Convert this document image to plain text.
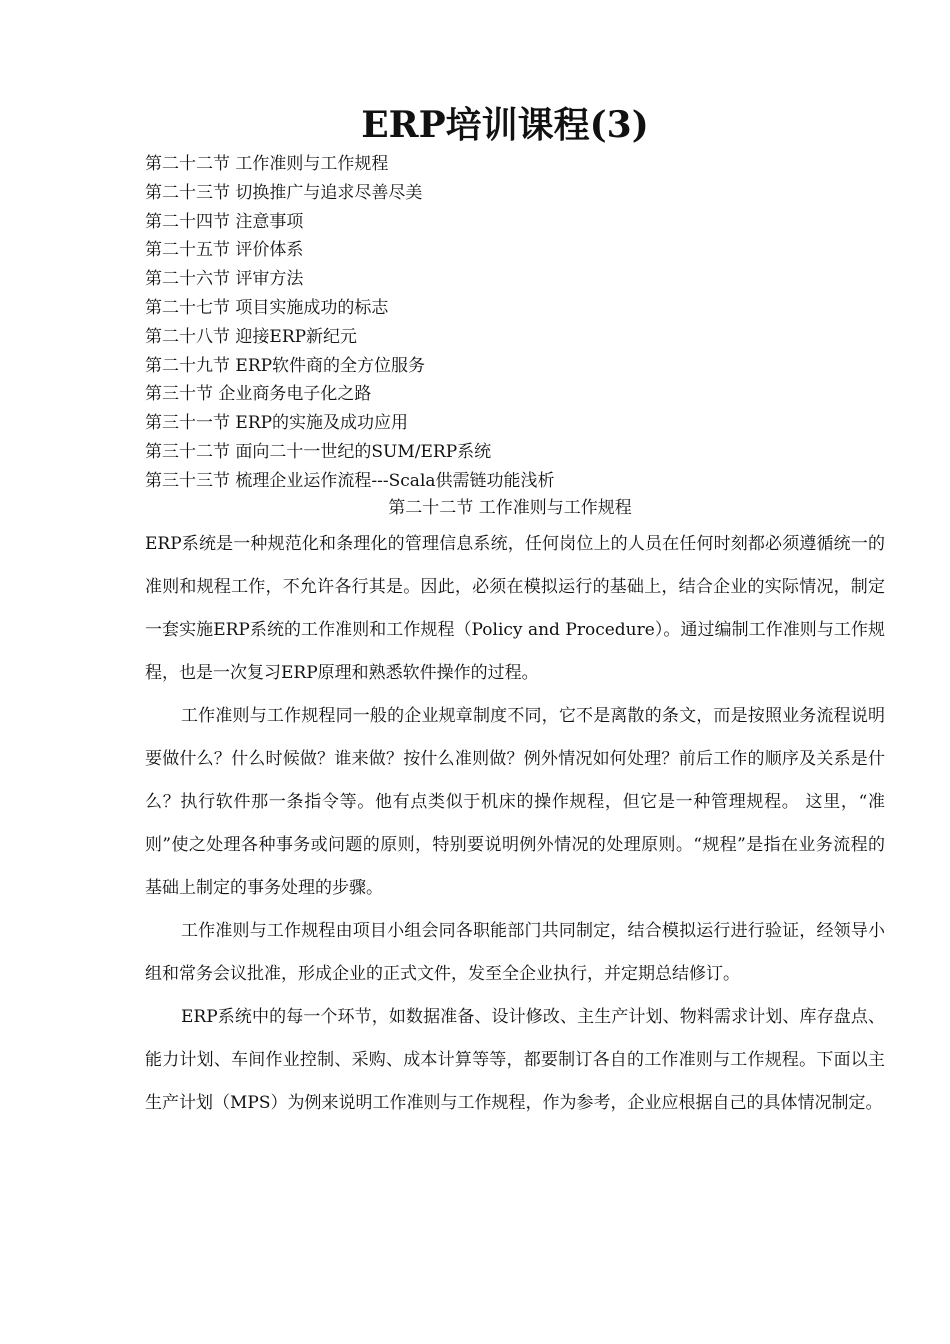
ERP培训课程(3)
第二十二节 工作准则与工作规程
第二十三节 切换推广与追求尽善尽美
第二十四节 注意事项
第二十五节 评价体系
第二十六节 评审方法
第二十七节 项目实施成功的标志
第二十八节 迎接ERP新纪元
第二十九节 ERP软件商的全方位服务
第三十节 企业商务电子化之路
第三十一节 ERP的实施及成功应用
第三十二节 面向二十一世纪的SUM/ERP系统
第三十三节 梳理企业运作流程---Scala供需链功能浅析
第二十二节 工作准则与工作规程

ERP系统是一种规范化和条理化的管理信息系统，任何岗位上的人员在任何时刻都必须遵循统一的准则和规程工作，不允许各行其是。因此，必须在模拟运行的基础上，结合企业的实际情况，制定一套实施ERP系统的工作准则和工作规程（Policy and Procedure）。通过编制工作准则与工作规程，也是一次复习ERP原理和熟悉软件操作的过程。

工作准则与工作规程同一般的企业规章制度不同，它不是离散的条文，而是按照业务流程说明要做什么？什么时候做？谁来做？按什么准则做？例外情况如何处理？前后工作的顺序及关系是什么？执行软件那一条指令等。他有点类似于机床的操作规程，但它是一种管理规程。 这里，“准则”使之处理各种事务或问题的原则，特别要说明例外情况的处理原则。“规程”是指在业务流程的基础上制定的事务处理的步骤。

工作准则与工作规程由项目小组会同各职能部门共同制定，结合模拟运行进行验证，经领导小组和常务会议批准，形成企业的正式文件，发至全企业执行，并定期总结修订。

ERP系统中的每一个环节，如数据准备、设计修改、主生产计划、物料需求计划、库存盘点、能力计划、车间作业控制、采购、成本计算等等，都要制订各自的工作准则与工作规程。下面以主生产计划（MPS）为例来说明工作准则与工作规程，作为参考，企业应根据自己的具体情况制定。
